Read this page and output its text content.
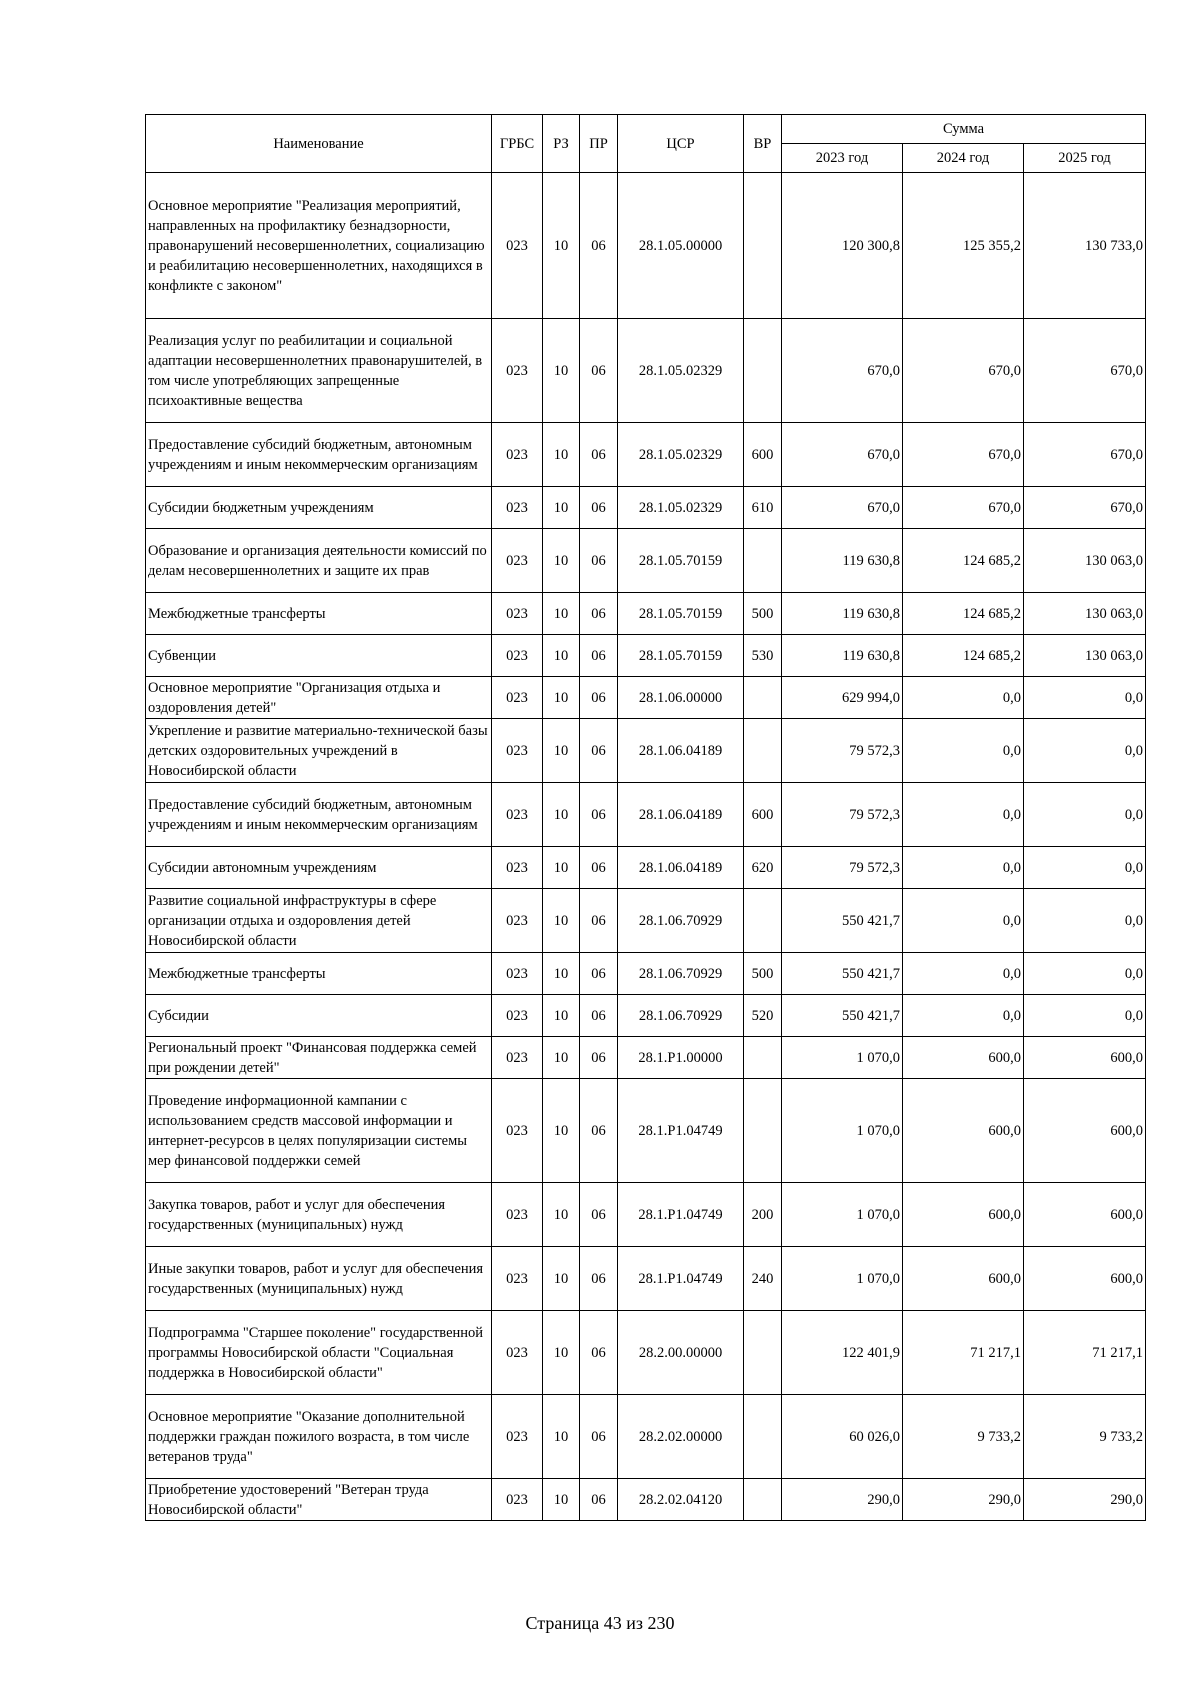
Наименование	ГРБС	РЗ	ПР	ЦСР	ВР	Сумма		
						2023 год	2024 год	2025 год
Основное мероприятие "Реализация мероприятий, направленных на профилактику безнадзорности, правонарушений несовершеннолетних, социализацию и реабилитацию несовершеннолетних, находящихся в конфликте с законом"	023	10	06	28.1.05.00000		120 300,8	125 355,2	130 733,0
Реализация услуг по реабилитации и социальной адаптации несовершеннолетних правонарушителей, в том числе употребляющих запрещенные психоактивные вещества	023	10	06	28.1.05.02329		670,0	670,0	670,0
Предоставление субсидий бюджетным, автономным учреждениям и иным некоммерческим организациям	023	10	06	28.1.05.02329	600	670,0	670,0	670,0
Субсидии бюджетным учреждениям	023	10	06	28.1.05.02329	610	670,0	670,0	670,0
Образование и организация деятельности комиссий по делам несовершеннолетних и защите их прав	023	10	06	28.1.05.70159		119 630,8	124 685,2	130 063,0
Межбюджетные трансферты	023	10	06	28.1.05.70159	500	119 630,8	124 685,2	130 063,0
Субвенции	023	10	06	28.1.05.70159	530	119 630,8	124 685,2	130 063,0
Основное мероприятие "Организация отдыха и оздоровления детей"	023	10	06	28.1.06.00000		629 994,0	0,0	0,0
Укрепление и развитие материально-технической базы детских оздоровительных учреждений в Новосибирской области	023	10	06	28.1.06.04189		79 572,3	0,0	0,0
Предоставление субсидий бюджетным, автономным учреждениям и иным некоммерческим организациям	023	10	06	28.1.06.04189	600	79 572,3	0,0	0,0
Субсидии автономным учреждениям	023	10	06	28.1.06.04189	620	79 572,3	0,0	0,0
Развитие социальной инфраструктуры в сфере организации отдыха и оздоровления детей Новосибирской области	023	10	06	28.1.06.70929		550 421,7	0,0	0,0
Межбюджетные трансферты	023	10	06	28.1.06.70929	500	550 421,7	0,0	0,0
Субсидии	023	10	06	28.1.06.70929	520	550 421,7	0,0	0,0
Региональный проект "Финансовая поддержка семей при рождении детей"	023	10	06	28.1.P1.00000		1 070,0	600,0	600,0
Проведение информационной кампании с использованием средств массовой информации и интернет-ресурсов в целях популяризации системы мер финансовой поддержки семей	023	10	06	28.1.P1.04749		1 070,0	600,0	600,0
Закупка товаров, работ и услуг для обеспечения государственных (муниципальных) нужд	023	10	06	28.1.P1.04749	200	1 070,0	600,0	600,0
Иные закупки товаров, работ и услуг для обеспечения государственных (муниципальных) нужд	023	10	06	28.1.P1.04749	240	1 070,0	600,0	600,0
Подпрограмма "Старшее поколение" государственной программы Новосибирской области "Социальная поддержка в Новосибирской области"	023	10	06	28.2.00.00000		122 401,9	71 217,1	71 217,1
Основное мероприятие "Оказание дополнительной поддержки граждан пожилого возраста, в том числе ветеранов труда"	023	10	06	28.2.02.00000		60 026,0	9 733,2	9 733,2
Приобретение удостоверений "Ветеран труда Новосибирской области"	023	10	06	28.2.02.04120		290,0	290,0	290,0
Страница 43 из 230
